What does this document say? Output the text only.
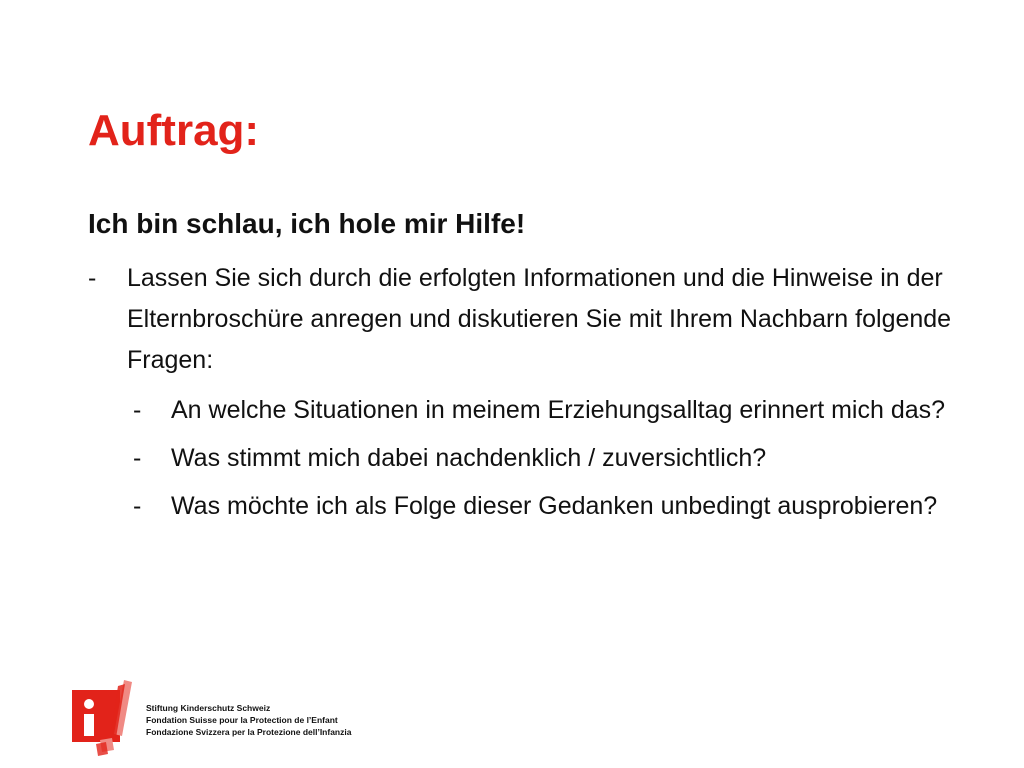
Auftrag:
Ich bin schlau, ich hole mir Hilfe!
- Lassen Sie sich durch die erfolgten Informationen und die Hinweise in der Elternbroschüre anregen und diskutieren Sie mit Ihrem Nachbarn folgende Fragen:
- An welche Situationen in meinem Erziehungsalltag erinnert mich das?
- Was stimmt mich dabei nachdenklich / zuversichtlich?
- Was möchte ich als Folge dieser Gedanken unbedingt ausprobieren?
Stiftung Kinderschutz Schweiz
Fondation Suisse pour la Protection de l’Enfant
Fondazione Svizzera per la Protezione dell’Infanzia
